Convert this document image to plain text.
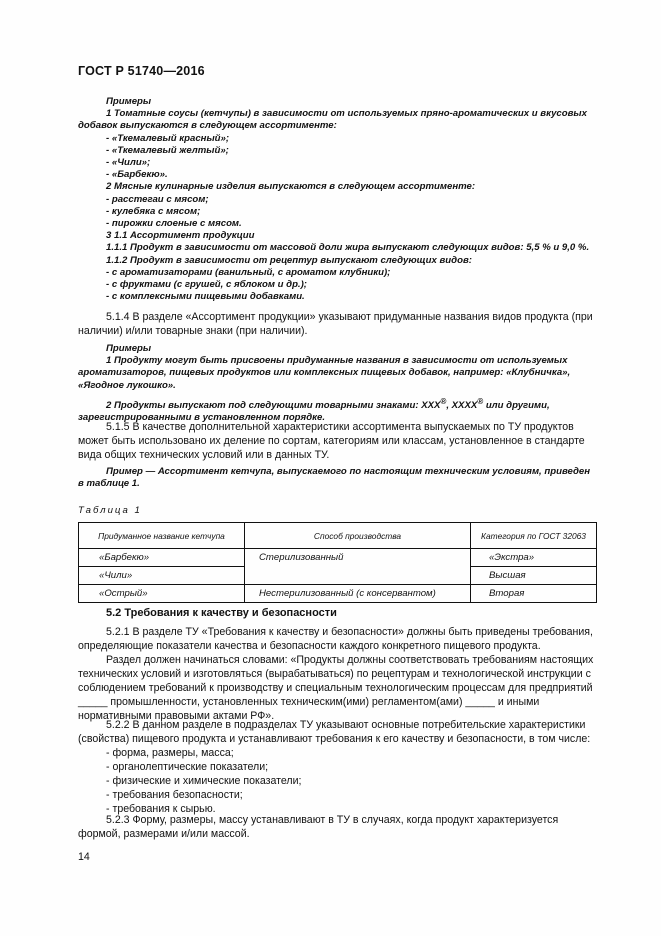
ГОСТ Р 51740—2016

Примеры

1 Томатные соусы (кетчупы) в зависимости от используемых пряно-ароматических и вкусовых добавок выпускаются в следующем ассортименте:

- «Ткемалевый красный»;

- «Ткемалевый желтый»;

- «Чили»;

- «Барбекю».

2 Мясные кулинарные изделия выпускаются в следующем ассортименте:

- расстегаи с мясом;

- кулебяка с мясом;

- пирожки слоеные с мясом.

3 1.1 Ассортимент продукции

1.1.1 Продукт в зависимости от массовой доли жира выпускают следующих видов: 5,5 % и 9,0 %.

1.1.2 Продукт в зависимости от рецептур выпускают следующих видов:

- с ароматизаторами (ванильный, с ароматом клубники);

- с фруктами (с грушей, с яблоком и др.);

- с комплексными пищевыми добавками.

5.1.4 В разделе «Ассортимент продукции» указывают придуманные названия видов продукта (при наличии) и/или товарные знаки (при наличии).

Примеры

1 Продукту могут быть присвоены придуманные названия в зависимости от используемых ароматизаторов, пищевых продуктов или комплексных пищевых добавок, например: «Клубничка», «Ягодное лукошко».

2 Продукты выпускают под следующими товарными знаками: XXX®, XXXX® или другими, зарегистрированными в установленном порядке.

5.1.5 В качестве дополнительной характеристики ассортимента выпускаемых по ТУ продуктов может быть использовано их деление по сортам, категориям или классам, установленное в стандарте вида общих технических условий или в данных ТУ.

Пример — Ассортимент кетчупа, выпускаемого по настоящим техническим условиям, приведен в таблице 1.

Таблица 1
Придуманное название кетчупа	Способ производства	Категория по ГОСТ 32063
«Барбекю»	Стерилизованный	«Экстра»
«Чили»		Высшая
«Острый»	Нестерилизованный (с консервантом)	Вторая

5.2 Требования к качеству и безопасности

5.2.1 В разделе ТУ «Требования к качеству и безопасности» должны быть приведены требования, определяющие показатели качества и безопасности каждого конкретного пищевого продукта.

Раздел должен начинаться словами: «Продукты должны соответствовать требованиям настоящих технических условий и изготовляться (вырабатываться) по рецептурам и технологической инструкции с соблюдением требований к производству и специальным технологическим процессам для предприятий _____ промышленности, установленных техническим(ими) регламентом(ами) _____ и иными нормативными правовыми актами РФ».

5.2.2 В данном разделе в подразделах ТУ указывают основные потребительские характеристики (свойства) пищевого продукта и устанавливают требования к его качеству и безопасности, в том числе:

- форма, размеры, масса;

- органолептические показатели;

- физические и химические показатели;

- требования безопасности;

- требования к сырью.

5.2.3 Форму, размеры, массу устанавливают в ТУ в случаях, когда продукт характеризуется формой, размерами и/или массой.

14
